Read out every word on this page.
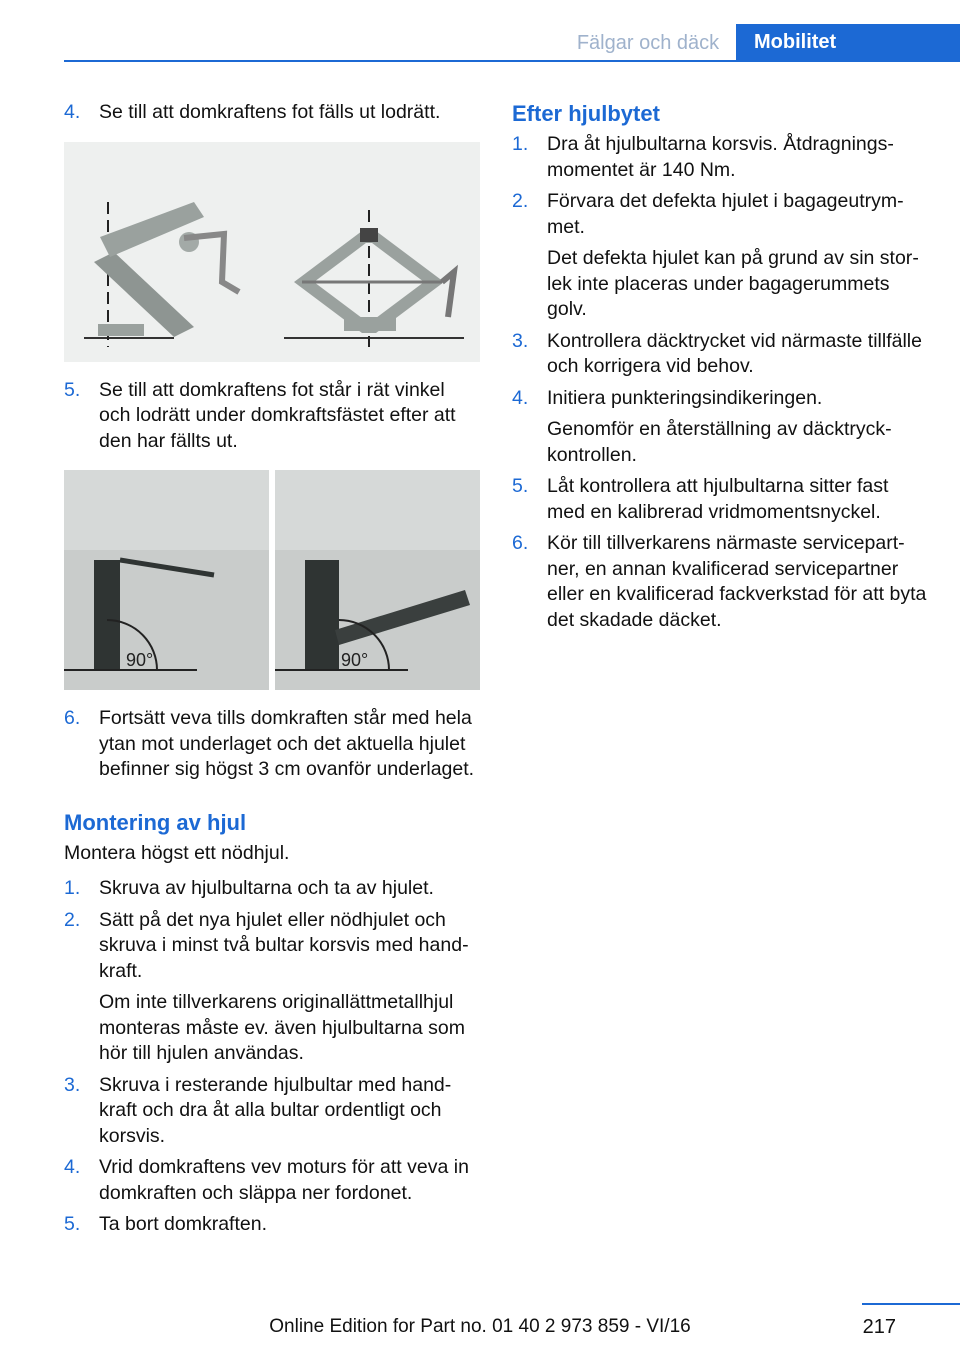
Fälgar och däck	Mobilitet
4. Se till att domkraftens fot fälls ut lodrätt.
5. Se till att domkraftens fot står i rät vinkel och lodrätt under domkraftsfästet efter att den har fällts ut.
90°	90°
6. Fortsätt veva tills domkraften står med hela ytan mot underlaget och det aktuella hjulet befinner sig högst 3 cm ovanför underlaget.
Montering av hjul
Montera högst ett nödhjul.
1. Skruva av hjulbultarna och ta av hjulet.
2. Sätt på det nya hjulet eller nödhjulet och skruva i minst två bultar korsvis med handkraft.
Om inte tillverkarens originallättmetallhjul monteras måste ev. även hjulbultarna som hör till hjulen användas.
3. Skruva i resterande hjulbultar med handkraft och dra åt alla bultar ordentligt och korsvis.
4. Vrid domkraftens vev moturs för att veva in domkraften och släppa ner fordonet.
5. Ta bort domkraften.
Efter hjulbytet
1. Dra åt hjulbultarna korsvis. Åtdragningsmomentet är 140 Nm.
2. Förvara det defekta hjulet i bagageutrymmet.
Det defekta hjulet kan på grund av sin storlek inte placeras under bagagerummets golv.
3. Kontrollera däcktrycket vid närmaste tillfälle och korrigera vid behov.
4. Initiera punkteringsindikeringen.
Genomför en återställning av däcktryckkontrollen.
5. Låt kontrollera att hjulbultarna sitter fast med en kalibrerad vridmomentsnyckel.
6. Kör till tillverkarens närmaste servicepartner, en annan kvalificerad servicepartner eller en kvalificerad fackverkstad för att byta det skadade däcket.
Online Edition for Part no. 01 40 2 973 859 - VI/16	217
